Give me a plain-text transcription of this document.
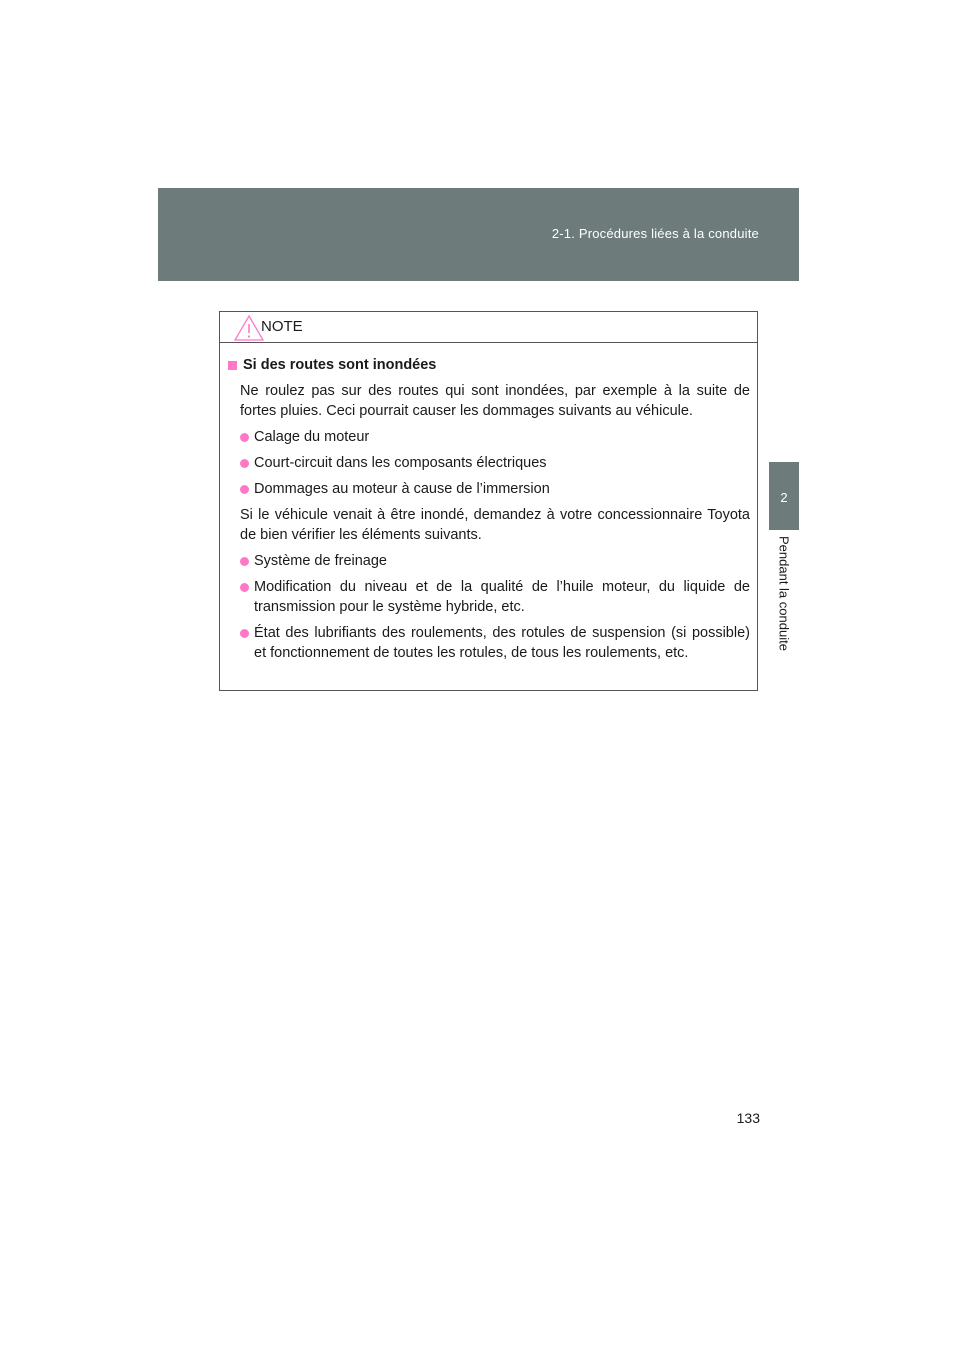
2-1. Procédures liées à la conduite
2
Pendant la conduite
NOTE
Si des routes sont inondées

Ne roulez pas sur des routes qui sont inondées, par exemple à la suite de fortes pluies. Ceci pourrait causer les dommages suivants au véhicule.

Calage du moteur
Court-circuit dans les composants électriques
Dommages au moteur à cause de l’immersion

Si le véhicule venait à être inondé, demandez à votre concessionnaire Toyota de bien vérifier les éléments suivants.

Système de freinage
Modification du niveau et de la qualité de l’huile moteur, du liquide de transmission pour le système hybride, etc.
État des lubrifiants des roulements, des rotules de suspension (si possible) et fonctionnement de toutes les rotules, de tous les roulements, etc.
133
